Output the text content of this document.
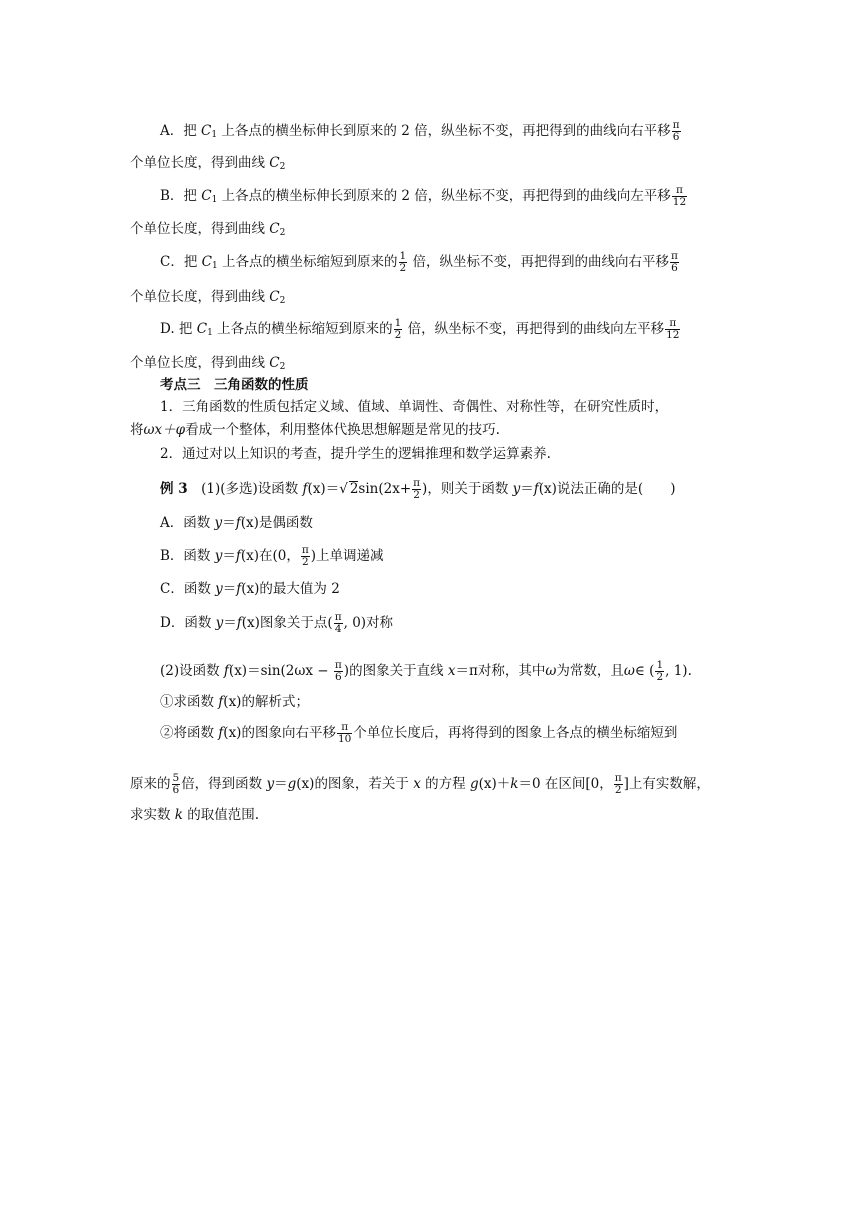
A．把 $C_1$ 上各点的横坐标伸长到原来的 2 倍，纵坐标不变，再把得到的曲线向右平移 $\frac{\pi}{6}$
个单位长度，得到曲线 $C_2$
B．把 $C_1$ 上各点的横坐标伸长到原来的 2 倍，纵坐标不变，再把得到的曲线向左平移 $\frac{\pi}{12}$
个单位长度，得到曲线 $C_2$
C．把 $C_1$ 上各点的横坐标缩短到原来的 $\frac{1}{2}$ 倍，纵坐标不变，再把得到的曲线向右平移 $\frac{\pi}{6}$
个单位长度，得到曲线 $C_2$
D. 把 $C_1$ 上各点的横坐标缩短到原来的 $\frac{1}{2}$ 倍，纵坐标不变，再把得到的曲线向左平移 $\frac{\pi}{12}$
个单位长度，得到曲线 $C_2$
考点三　三角函数的性质
1．三角函数的性质包括定义域、值域、单调性、奇偶性、对称性等，在研究性质时，
将ωx＋φ看成一个整体，利用整体代换思想解题是常见的技巧.
2．通过对以上知识的考查，提升学生的逻辑推理和数学运算素养.
例 3　(1)(多选)设函数 f(x)＝√ $2\sin(2x+ \frac{\pi}{2}$ )，则关于函数 y＝f(x)说法正确的是(　　)
A．函数 y＝f(x)是偶函数
B．函数 y＝f(x)在(0， $\frac{\pi}{2}$ )上单调递减
C．函数 y＝f(x)的最大值为 2
D．函数 y＝f(x)图象关于点( $\frac{\pi}{4}$ , 0)对称
(2)设函数 $f(x)=\sin(2\omega x - \frac{\pi}{6}$ )的图象关于直线 x＝π对称，其中ω为常数，且ω∈ ( $\frac{1}{2}$ , 1).
①求函数 f(x)的解析式；
②将函数 f(x)的图象向右平移 $\frac{\pi}{10}$ 个单位长度后，再将得到的图象上各点的横坐标缩短到
原来的 $\frac{5}{6}$ 倍，得到函数 y＝g(x)的图象，若关于 x 的方程 g(x)＋k＝0 在区间[0， $\frac{\pi}{2}$ ]上有实数解，
求实数 k 的取值范围.
